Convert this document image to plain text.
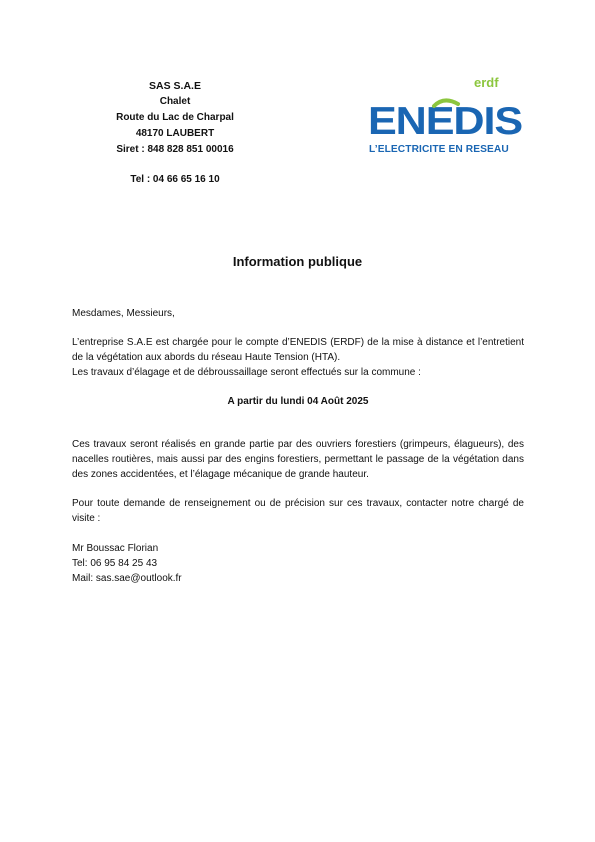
SAS S.A.E
Chalet
Route du Lac de Charpal
48170 LAUBERT
Siret : 848 828 851 00016
Tel : 04 66 65 16 10
erdf
ENEDIS
L’ELECTRICITE EN RESEAU
Information publique
Mesdames, Messieurs,
L’entreprise S.A.E est chargée pour le compte d’ENEDIS (ERDF) de la mise à distance et l’entretient de la végétation aux abords du réseau Haute Tension (HTA).
Les travaux d’élagage et de débroussaillage seront effectués sur la commune :
A partir du lundi 04 Août 2025
Ces travaux seront réalisés en grande partie par des ouvriers forestiers (grimpeurs, élagueurs), des nacelles routières, mais aussi par des engins forestiers, permettant le passage de la végétation dans des zones accidentées, et l’élagage mécanique de grande hauteur.
Pour toute demande de renseignement ou de précision sur ces travaux, contacter notre chargé de visite :
Mr Boussac Florian
Tel: 06 95 84 25 43
Mail: sas.sae@outlook.fr
